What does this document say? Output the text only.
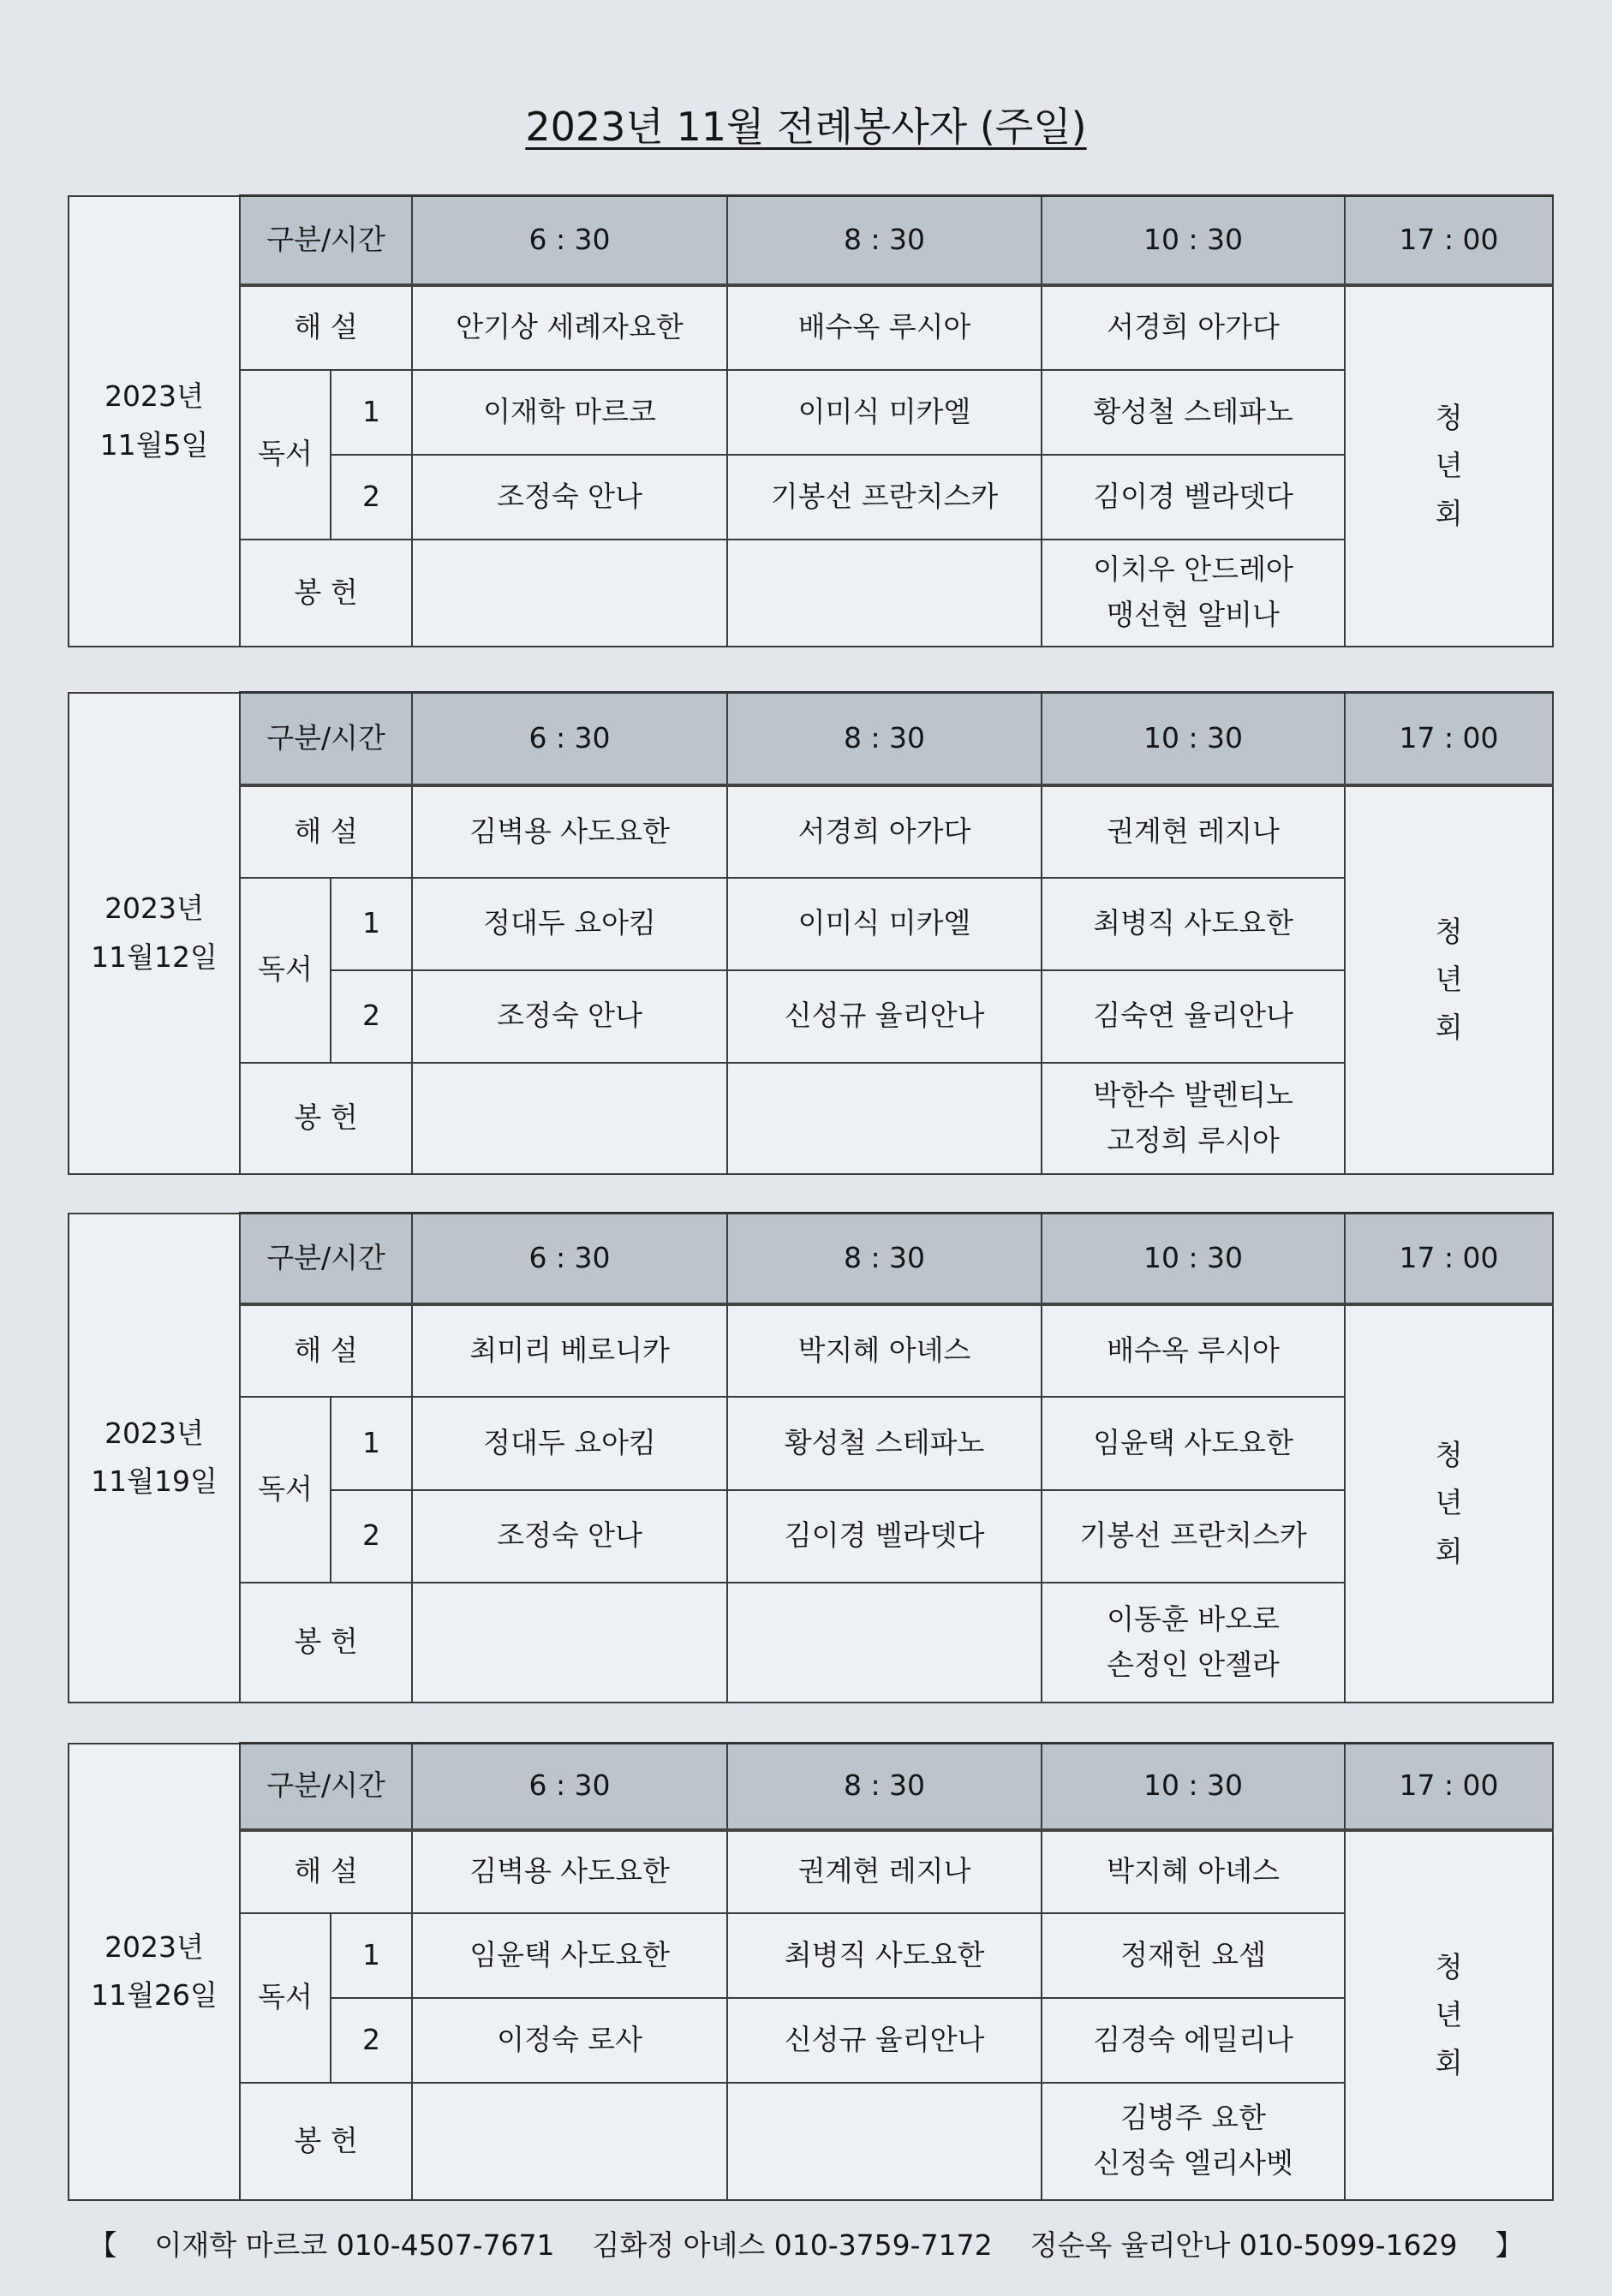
2023년 11월 전례봉사자 (주일)
2023년
11월5일	구분/시간		6 : 30	8 : 30	10 : 30	17 : 00
	해 설		안기상 세례자요한	배수옥 루시아	서경희 아가다	청
년
회
	독서	1	이재학 마르코	이미식 미카엘	황성철 스테파노	
		2	조정숙 안나	기봉선 프란치스카	김이경 벨라뎃다	
	봉 헌				이치우 안드레아
맹선현 알비나	
2023년
11월12일	구분/시간		6 : 30	8 : 30	10 : 30	17 : 00
	해 설		김벽용 사도요한	서경희 아가다	권계현 레지나	청
년
회
	독서	1	정대두 요아킴	이미식 미카엘	최병직 사도요한	
		2	조정숙 안나	신성규 율리안나	김숙연 율리안나	
	봉 헌				박한수 발렌티노
고정희 루시아	
2023년
11월19일	구분/시간		6 : 30	8 : 30	10 : 30	17 : 00
	해 설		최미리 베로니카	박지혜 아녜스	배수옥 루시아	청
년
회
	독서	1	정대두 요아킴	황성철 스테파노	임윤택 사도요한	
		2	조정숙 안나	김이경 벨라뎃다	기봉선 프란치스카	
	봉 헌				이동훈 바오로
손정인 안젤라	
2023년
11월26일	구분/시간		6 : 30	8 : 30	10 : 30	17 : 00
	해 설		김벽용 사도요한	권계현 레지나	박지혜 아녜스	청
년
회
	독서	1	임윤택 사도요한	최병직 사도요한	정재헌 요셉	
		2	이정숙 로사	신성규 율리안나	김경숙 에밀리나	
	봉 헌				김병주 요한
신정숙 엘리사벳	
【 이재학 마르코 010-4507-7671 김화정 아녜스 010-3759-7172 정순옥 율리안나 010-5099-1629 】
